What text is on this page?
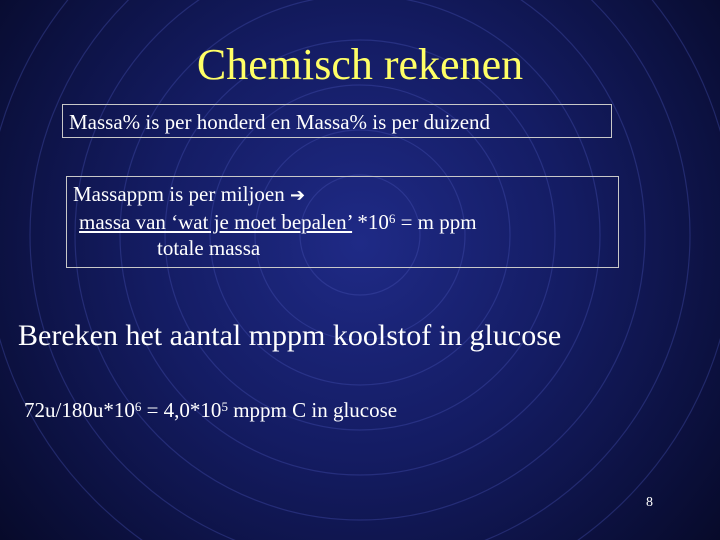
Chemisch rekenen
Massa% is per honderd en Massa% is per duizend
Massappm is per miljoen ➔
massa van ‘wat je moet bepalen’ $*10^6 = m$ ppm
totale massa
Bereken het aantal mppm koolstof in glucose
$72u/180u*10^6 = 4,0*10^5$ mppm C in glucose
8
